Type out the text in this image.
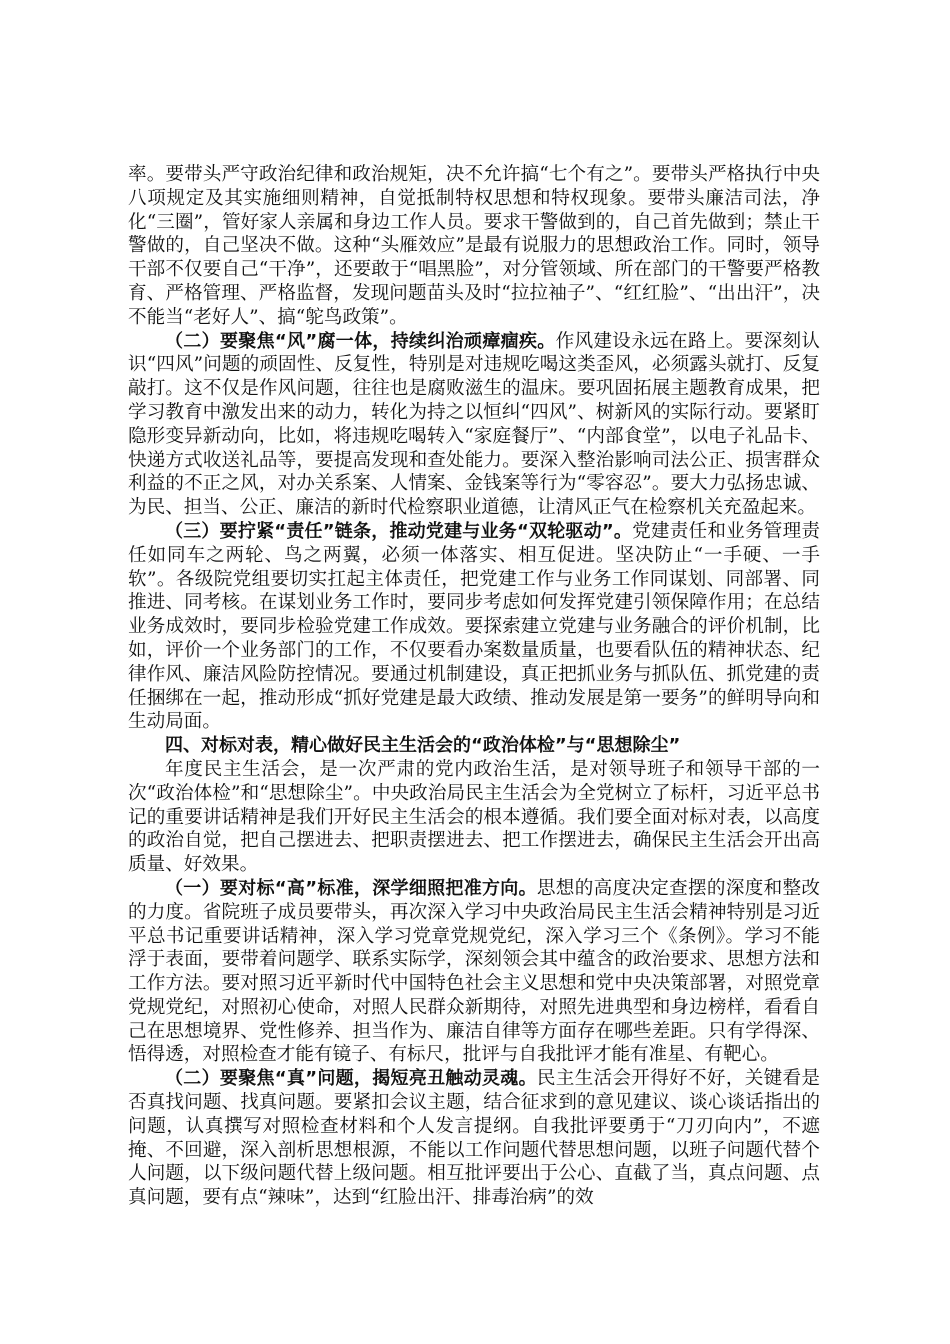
率。要带头严守政治纪律和政治规矩，决不允许搞“七个有之”。要带头严格执行中央八项规定及其实施细则精神，自觉抵制特权思想和特权现象。要带头廉洁司法，净化“三圈”，管好家人亲属和身边工作人员。要求干警做到的，自己首先做到；禁止干警做的，自己坚决不做。这种“头雁效应”是最有说服力的思想政治工作。同时，领导干部不仅要自己“干净”，还要敢于“唱黑脸”，对分管领域、所在部门的干警要严格教育、严格管理、严格监督，发现问题苗头及时“拉拉袖子”、“红红脸”、“出出汗”，决不能当“老好人”、搞“鸵鸟政策”。

（二）要聚焦“风”腐一体，持续纠治顽瘴痼疾。作风建设永远在路上。要深刻认识“四风”问题的顽固性、反复性，特别是对违规吃喝这类歪风，必须露头就打、反复敲打。这不仅是作风问题，往往也是腐败滋生的温床。要巩固拓展主题教育成果，把学习教育中激发出来的动力，转化为持之以恒纠“四风”、树新风的实际行动。要紧盯隐形变异新动向，比如，将违规吃喝转入“家庭餐厅”、“内部食堂”，以电子礼品卡、快递方式收送礼品等，要提高发现和查处能力。要深入整治影响司法公正、损害群众利益的不正之风，对办关系案、人情案、金钱案等行为“零容忍”。要大力弘扬忠诚、为民、担当、公正、廉洁的新时代检察职业道德，让清风正气在检察机关充盈起来。

（三）要拧紧“责任”链条，推动党建与业务“双轮驱动”。党建责任和业务管理责任如同车之两轮、鸟之两翼，必须一体落实、相互促进。坚决防止“一手硬、一手软”。各级院党组要切实扛起主体责任，把党建工作与业务工作同谋划、同部署、同推进、同考核。在谋划业务工作时，要同步考虑如何发挥党建引领保障作用；在总结业务成效时，要同步检验党建工作成效。要探索建立党建与业务融合的评价机制，比如，评价一个业务部门的工作，不仅要看办案数量质量，也要看队伍的精神状态、纪律作风、廉洁风险防控情况。要通过机制建设，真正把抓业务与抓队伍、抓党建的责任捆绑在一起，推动形成“抓好党建是最大政绩、推动发展是第一要务”的鲜明导向和生动局面。

四、对标对表，精心做好民主生活会的“政治体检”与“思想除尘”

年度民主生活会，是一次严肃的党内政治生活，是对领导班子和领导干部的一次“政治体检”和“思想除尘”。中央政治局民主生活会为全党树立了标杆，习近平总书记的重要讲话精神是我们开好民主生活会的根本遵循。我们要全面对标对表，以高度的政治自觉，把自己摆进去、把职责摆进去、把工作摆进去，确保民主生活会开出高质量、好效果。

（一）要对标“高”标准，深学细照把准方向。思想的高度决定查摆的深度和整改的力度。省院班子成员要带头，再次深入学习中央政治局民主生活会精神特别是习近平总书记重要讲话精神，深入学习党章党规党纪，深入学习三个《条例》。学习不能浮于表面，要带着问题学、联系实际学，深刻领会其中蕴含的政治要求、思想方法和工作方法。要对照习近平新时代中国特色社会主义思想和党中央决策部署，对照党章党规党纪，对照初心使命，对照人民群众新期待，对照先进典型和身边榜样，看看自己在思想境界、党性修养、担当作为、廉洁自律等方面存在哪些差距。只有学得深、悟得透，对照检查才能有镜子、有标尺，批评与自我批评才能有准星、有靶心。

（二）要聚焦“真”问题，揭短亮丑触动灵魂。民主生活会开得好不好，关键看是否真找问题、找真问题。要紧扣会议主题，结合征求到的意见建议、谈心谈话指出的问题，认真撰写对照检查材料和个人发言提纲。自我批评要勇于“刀刃向内”，不遮掩、不回避，深入剖析思想根源，不能以工作问题代替思想问题，以班子问题代替个人问题，以下级问题代替上级问题。相互批评要出于公心、直截了当，真点问题、点真问题，要有点“辣味”，达到“红脸出汗、排毒治病”的效
